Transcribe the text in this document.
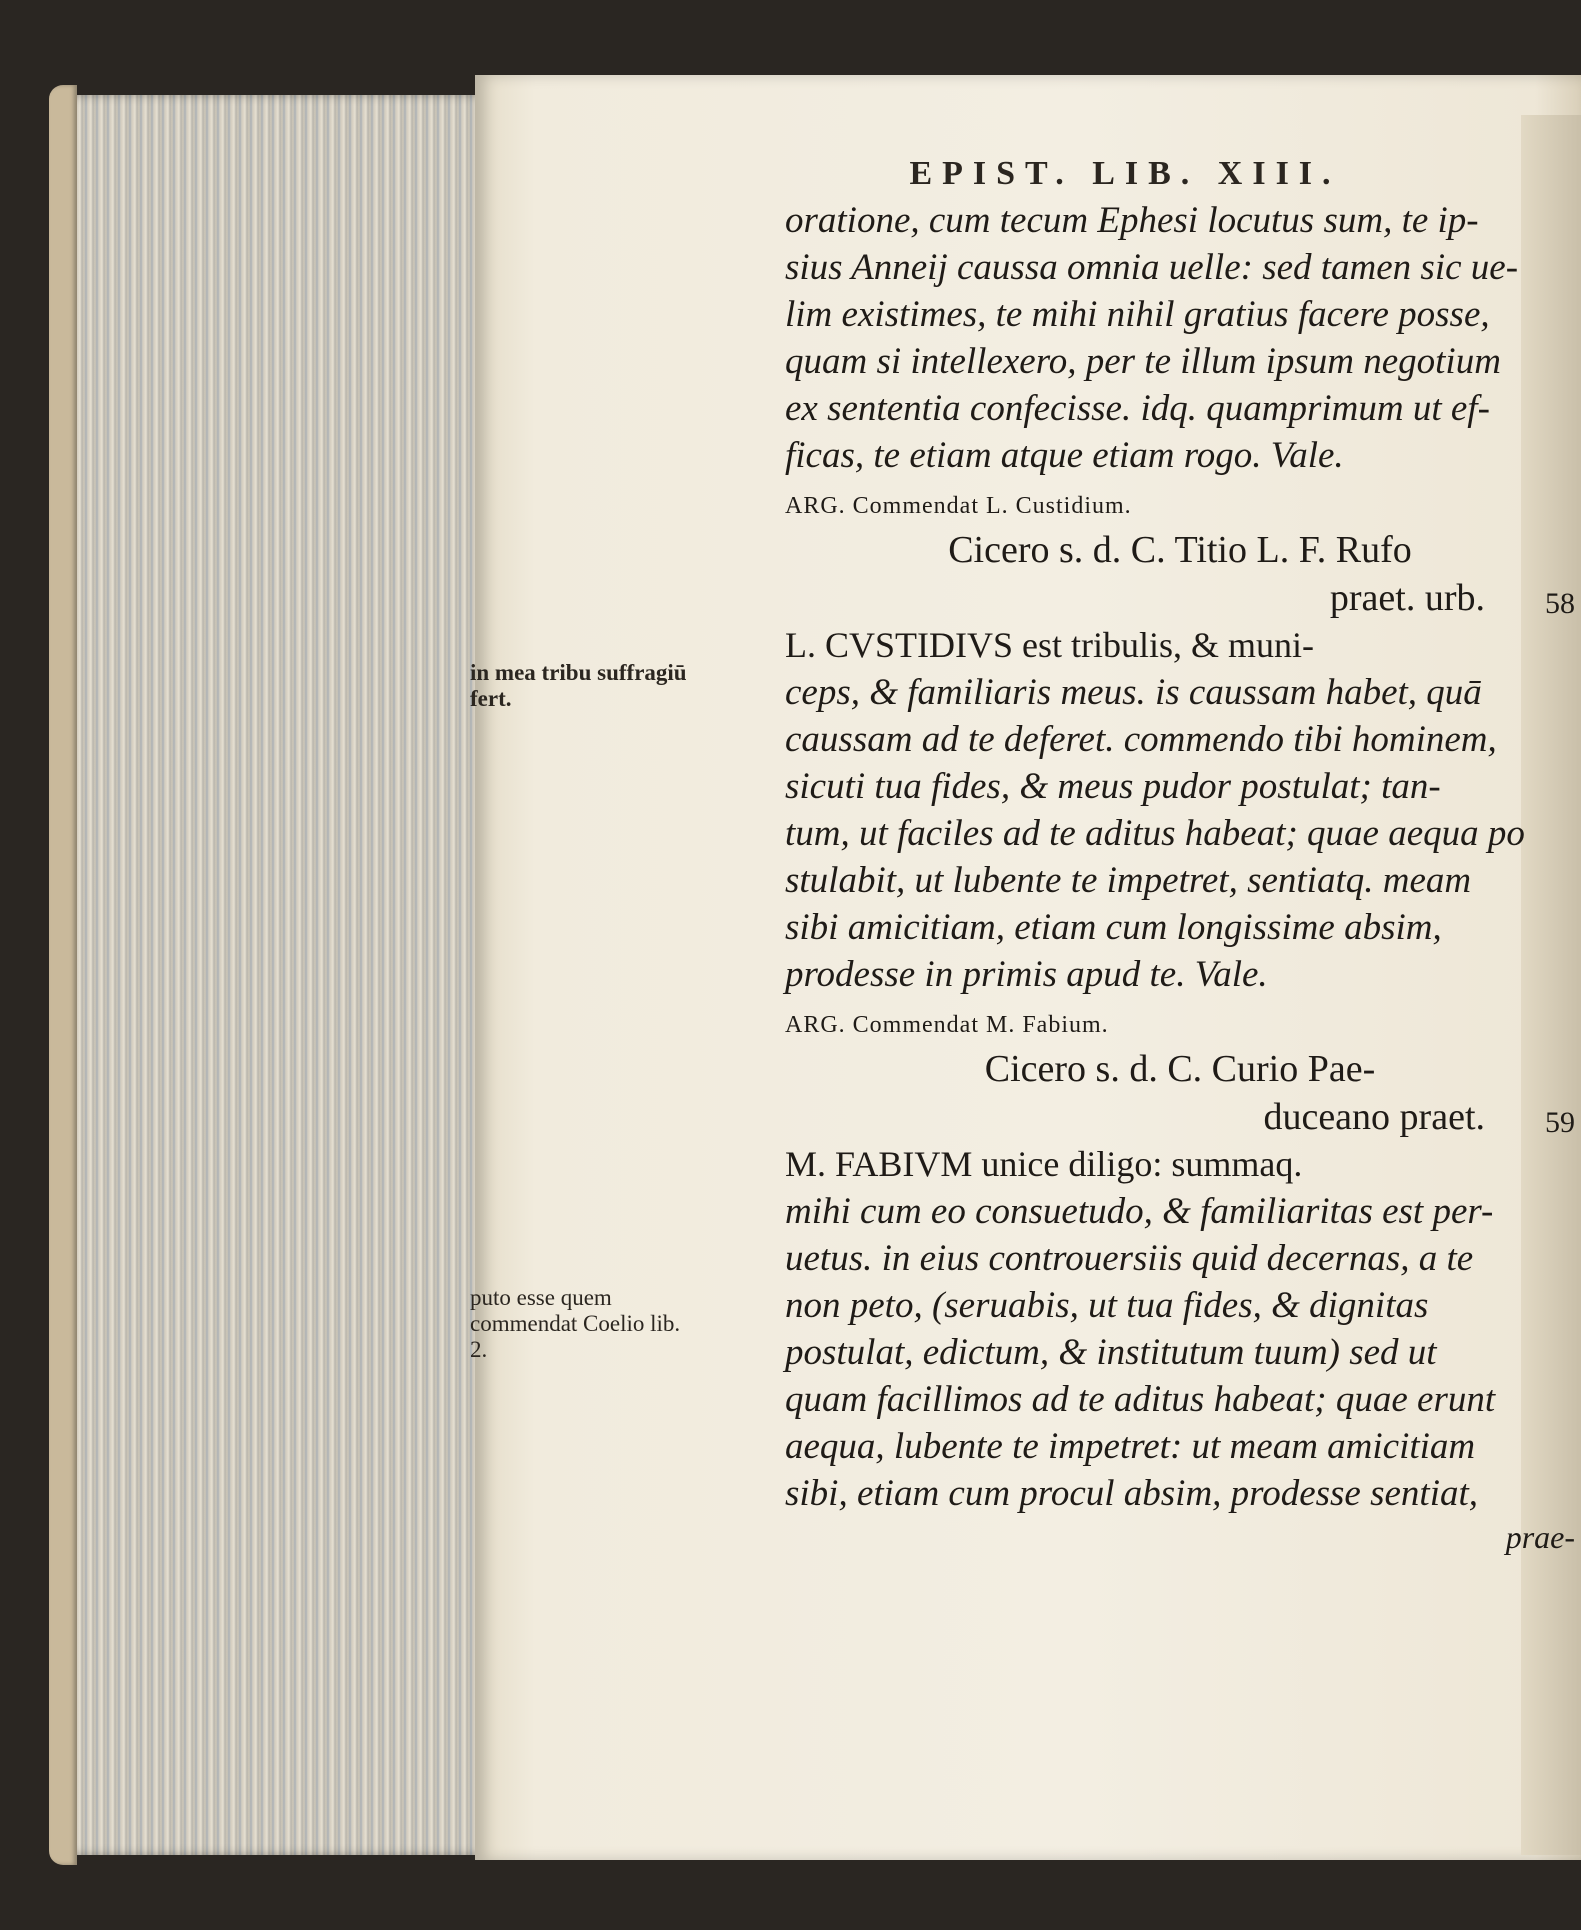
EPIST. LIB. XIII.
oratione, cum tecum Ephesi locutus sum, te ip-
sius Anneij caussa omnia uelle: sed tamen sic ue-
lim existimes, te mihi nihil gratius facere posse,
quam si intellexero, per te illum ipsum negotium
ex sententia confecisse. idq. quamprimum ut ef-
ficas, te etiam atque etiam rogo. Vale.
ARG. Commendat L. Custidium.
Cicero s. d. C. Titio L. F. Rufo
praet. urb. 58
L. CVSTIDIVS est tribulis, & muni-
ceps, & familiaris meus. is caussam habet, quā
caussam ad te deferet. commendo tibi hominem,
sicuti tua fides, & meus pudor postulat; tan-
tum, ut faciles ad te aditus habeat; quae aequa po
stulabit, ut lubente te impetret, sentiatq. meam
sibi amicitiam, etiam cum longissime absim,
prodesse in primis apud te. Vale.
ARG. Commendat M. Fabium.
Cicero s. d. C. Curio Pae-
duceano praet. 59
M. FABIVM unice diligo: summaq.
mihi cum eo consuetudo, & familiaritas est per-
uetus. in eius controuersiis quid decernas, a te
non peto, (seruabis, ut tua fides, & dignitas
postulat, edictum, & institutum tuum) sed ut
quam facillimos ad te aditus habeat; quae erunt
aequa, lubente te impetret: ut meam amicitiam
sibi, etiam cum procul absim, prodesse sentiat,
prae-
in mea tribu suffragiū fert.
puto esse quem commendat Coelio lib. 2.
